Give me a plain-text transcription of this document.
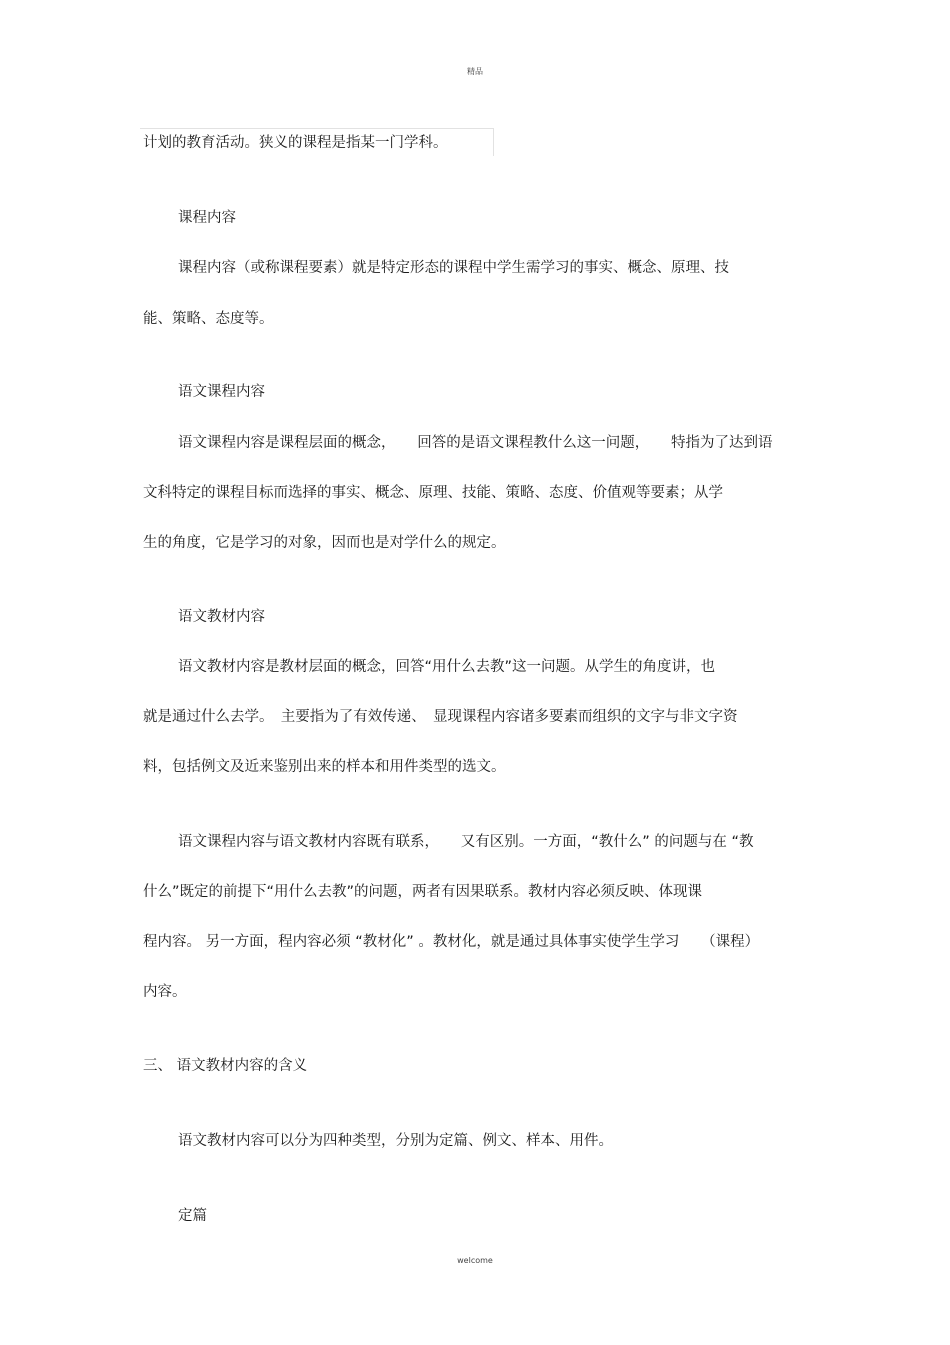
精品
计划的教育活动。狭义的课程是指某一门学科。
课程内容
课程内容（或称课程要素）就是特定形态的课程中学生需学习的事实、概念、原理、技
能、策略、态度等。
语文课程内容
语文课程内容是课程层面的概念，　　回答的是语文课程教什么这一问题，　　特指为了达到语
文科特定的课程目标而选择的事实、概念、原理、技能、策略、态度、价值观等要素；从学
生的角度，它是学习的对象，因而也是对学什么的规定。
语文教材内容
语文教材内容是教材层面的概念，回答“用什么去教”这一问题。从学生的角度讲，也
就是通过什么去学。　主要指为了有效传递、　显现课程内容诸多要素而组织的文字与非文字资
料，包括例文及近来鉴别出来的样本和用件类型的选文。
语文课程内容与语文教材内容既有联系，　　又有区别。一方面，“教什么” 的问题与在 “教
什么”既定的前提下“用什么去教”的问题，两者有因果联系。教材内容必须反映、体现课
程内容。 另一方面，程内容必须 “教材化” 。教材化，就是通过具体事实使学生学习　　（课程）
内容。
三、 语文教材内容的含义
语文教材内容可以分为四种类型，分别为定篇、例文、样本、用件。
定篇
welcome
